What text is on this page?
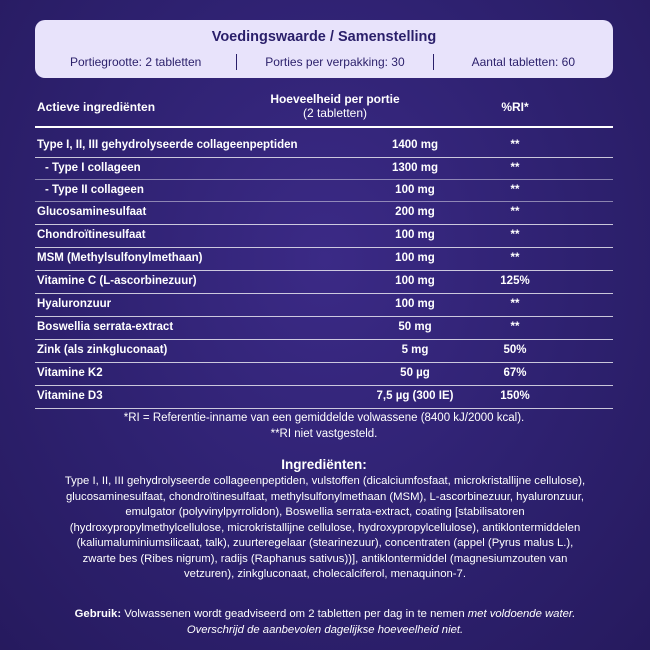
Voedingswaarde / Samenstelling
Portiegrootte: 2 tabletten	Porties per verpakking: 30	Aantal tabletten: 60
Actieve ingrediënten
Hoeveelheid per portie
(2 tabletten)	%RI*
Type I, II, III gehydrolyseerde collageenpeptiden	1400 mg	**
- Type I collageen	1300 mg	**
- Type II collageen	100 mg	**
Glucosaminesulfaat	200 mg	**
Chondroïtinesulfaat	100 mg	**
MSM (Methylsulfonylmethaan)	100 mg	**
Vitamine C (L-ascorbinezuur)	100 mg	125%
Hyaluronzuur	100 mg	**
Boswellia serrata-extract	50 mg	**
Zink (als zinkgluconaat)	5 mg	50%
Vitamine K2	50 µg	67%
Vitamine D3	7,5 µg (300 IE)	150%
*RI = Referentie-inname van een gemiddelde volwassene (8400 kJ/2000 kcal).
**RI niet vastgesteld.
Ingrediënten:
Type I, II, III gehydrolyseerde collageenpeptiden, vulstoffen (dicalciumfosfaat, microkristallijne cellulose), glucosaminesulfaat, chondroïtinesulfaat, methylsulfonylmethaan (MSM), L-ascorbinezuur, hyaluronzuur, emulgator (polyvinylpyrrolidon), Boswellia serrata-extract, coating [stabilisatoren (hydroxypropylmethylcellulose, microkristallijne cellulose, hydroxypropylcellulose), antiklontermiddelen (kaliumaluminiumsilicaat, talk), zuurteregelaar (stearinezuur), concentraten (appel (Pyrus malus L.), zwarte bes (Ribes nigrum), radijs (Raphanus sativus))], antiklontermiddel (magnesiumzouten van vetzuren), zinkgluconaat, cholecalciferol, menaquinon-7.
Gebruik: Volwassenen wordt geadviseerd om 2 tabletten per dag in te nemen met voldoende water.
Overschrijd de aanbevolen dagelijkse hoeveelheid niet.
